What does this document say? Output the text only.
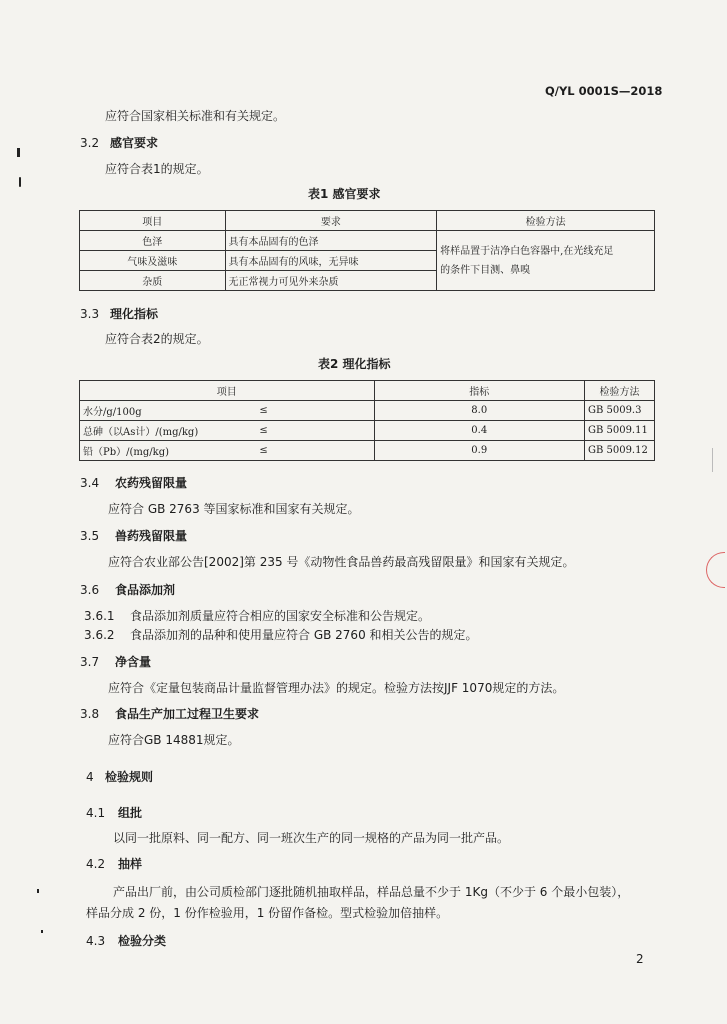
Q/YL 0001S—2018
应符合国家相关标准和有关规定。
3.2 感官要求
应符合表1的规定。
表1 感官要求
项目	要求	检验方法
色泽	具有本品固有的色泽	将样品置于洁净白色容器中,在光线充足
的条件下目测、鼻嗅

气味及滋味	具有本品固有的风味，无异味	
杂质	无正常视力可见外来杂质	
3.3 理化指标
应符合表2的规定。
表2 理化指标
项目		指标	检验方法
水分/g/100g	≤	8.0	GB 5009.3
总砷（以As计）/(mg/kg)	≤	0.4	GB 5009.11
铅（Pb）/(mg/kg)	≤	0.9	GB 5009.12
3.4 农药残留限量
应符合 GB 2763 等国家标准和国家有关规定。
3.5 兽药残留限量
应符合农业部公告[2002]第 235 号《动物性食品兽药最高残留限量》和国家有关规定。
3.6 食品添加剂
3.6.1 食品添加剂质量应符合相应的国家安全标准和公告规定。
3.6.2 食品添加剂的品种和使用量应符合 GB 2760 和相关公告的规定。
3.7 净含量
应符合《定量包装商品计量监督管理办法》的规定。检验方法按JJF 1070规定的方法。
3.8 食品生产加工过程卫生要求
应符合GB 14881规定。
4 检验规则
4.1 组批
以同一批原料、同一配方、同一班次生产的同一规格的产品为同一批产品。
4.2 抽样
产品出厂前，由公司质检部门逐批随机抽取样品，样品总量不少于 1Kg（不少于 6 个最小包装），
样品分成 2 份，1 份作检验用，1 份留作备检。型式检验加倍抽样。
4.3 检验分类
2
